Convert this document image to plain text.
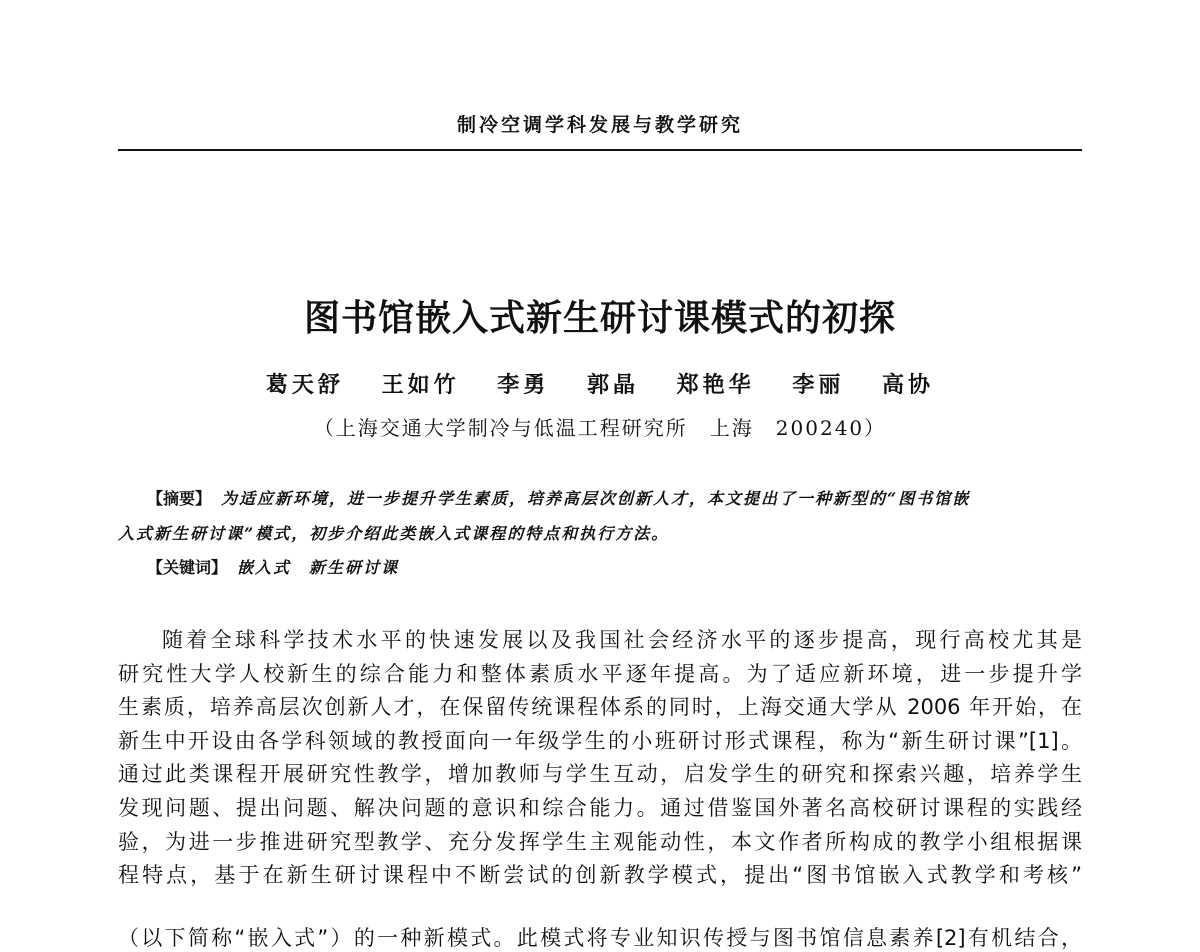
制冷空调学科发展与教学研究
图书馆嵌入式新生研讨课模式的初探
葛天舒 王如竹 李勇 郭晶 郑艳华 李丽 高协
（上海交通大学制冷与低温工程研究所　上海　200240）
【摘要】 为适应新环境，进一步提升学生素质，培养高层次创新人才，本文提出了一种新型的“图书馆嵌
入式新生研讨课”模式，初步介绍此类嵌入式课程的特点和执行方法。
【关键词】 嵌入式　新生研讨课
随着全球科学技术水平的快速发展以及我国社会经济水平的逐步提高，现行高校尤其是
研究性大学人校新生的综合能力和整体素质水平逐年提高。为了适应新环境，进一步提升学
生素质，培养高层次创新人才，在保留传统课程体系的同时，上海交通大学从 2006 年开始，在
新生中开设由各学科领域的教授面向一年级学生的小班研讨形式课程，称为“新生研讨课”[1]。
通过此类课程开展研究性教学，增加教师与学生互动，启发学生的研究和探索兴趣，培养学生
发现问题、提出问题、解决问题的意识和综合能力。通过借鉴国外著名高校研讨课程的实践经
验，为进一步推进研究型教学、充分发挥学生主观能动性，本文作者所构成的教学小组根据课
程特点，基于在新生研讨课程中不断尝试的创新教学模式，提出“图书馆嵌入式教学和考核”
（以下简称“嵌入式”）的一种新模式。此模式将专业知识传授与图书馆信息素养[2]有机结合，
